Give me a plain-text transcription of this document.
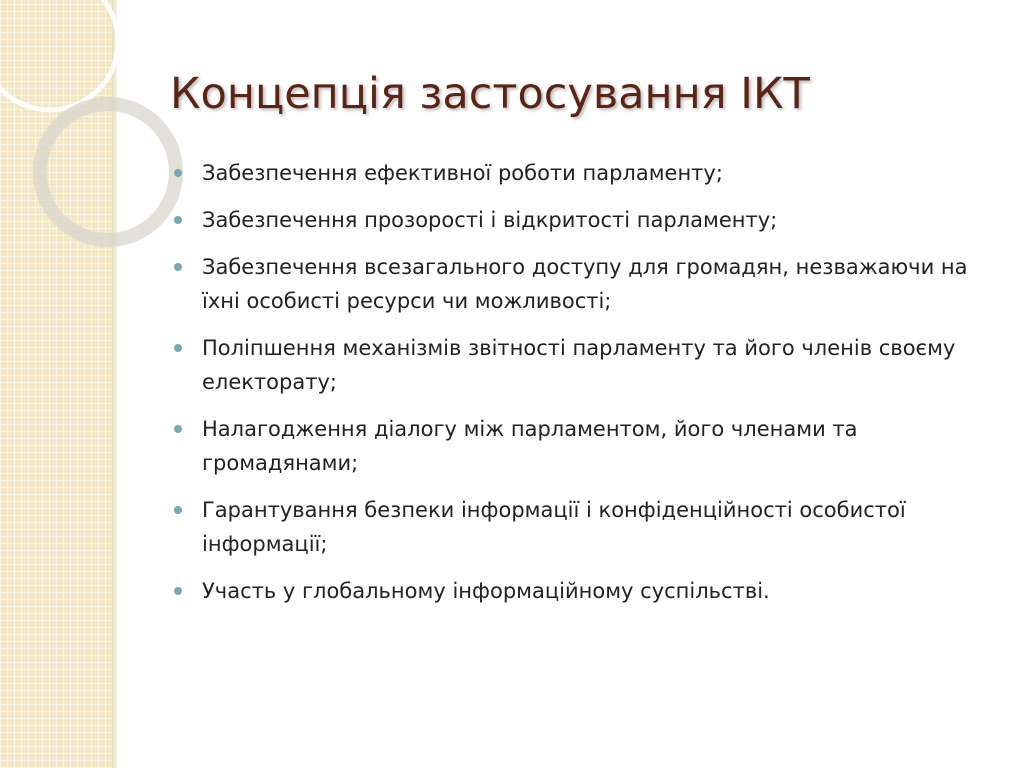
Концепція застосування ІКТ
Забезпечення ефективної роботи парламенту;
Забезпечення прозорості і відкритості парламенту;
Забезпечення всезагального доступу для громадян, незважаючи на їхні особисті ресурси чи можливості;
Поліпшення механізмів звітності парламенту та його членів своєму електорату;
Налагодження діалогу між парламентом, його членами та громадянами;
Гарантування безпеки інформації і конфіденційності особистої інформації;
Участь у глобальному інформаційному суспільстві.
